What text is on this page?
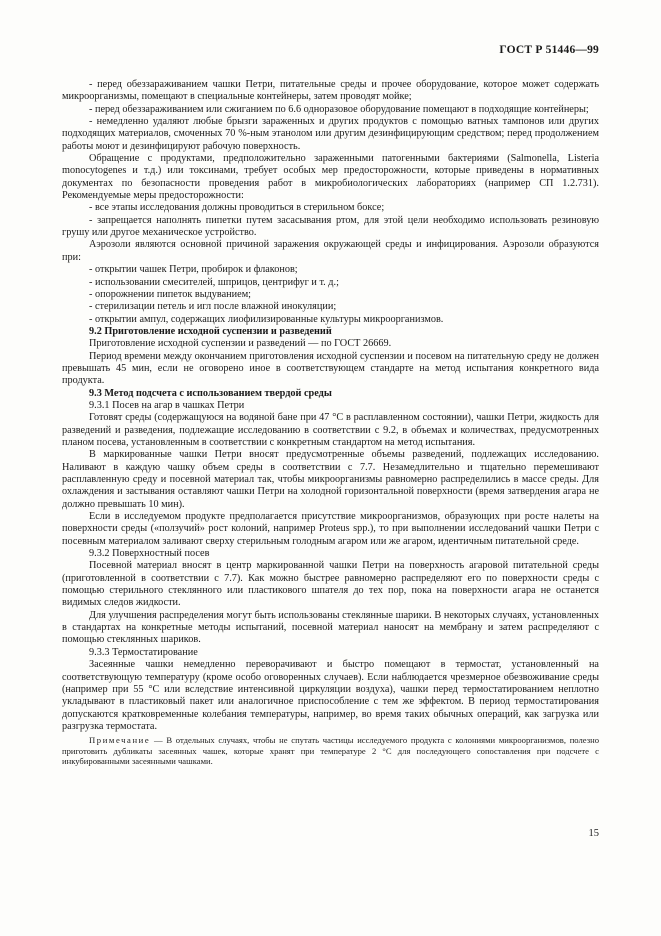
ГОСТ Р 51446—99

- перед обеззараживанием чашки Петри, питательные среды и прочее оборудование, которое может содержать микроорганизмы, помещают в специальные контейнеры, затем проводят мойке;

- перед обеззараживанием или сжиганием по 6.6 одноразовое оборудование помещают в подходящие контейнеры;

- немедленно удаляют любые брызги зараженных и других продуктов с помощью ватных тампонов или других подходящих материалов, смоченных 70 %-ным этанолом или другим дезинфицирующим средством; перед продолжением работы моют и дезинфицируют рабочую поверхность.

Обращение с продуктами, предположительно зараженными патогенными бактериями (Salmonella, Listeria monocytogenes и т.д.) или токсинами, требует особых мер предосторожности, которые приведены в нормативных документах по безопасности проведения работ в микробиологических лабораториях (например СП 1.2.731). Рекомендуемые меры предосторожности:

- все этапы исследования должны проводиться в стерильном боксе;

- запрещается наполнять пипетки путем засасывания ртом, для этой цели необходимо использовать резиновую грушу или другое механическое устройство.

Аэрозоли являются основной причиной заражения окружающей среды и инфицирования. Аэрозоли образуются при:

- открытии чашек Петри, пробирок и флаконов;

- использовании смесителей, шприцов, центрифуг и т. д.;

- опорожнении пипеток выдуванием;

- стерилизации петель и игл после влажной инокуляции;

- открытии ампул, содержащих лиофилизированные культуры микроорганизмов.

9.2 Приготовление исходной суспензии и разведений

Приготовление исходной суспензии и разведений — по ГОСТ 26669.

Период времени между окончанием приготовления исходной суспензии и посевом на питательную среду не должен превышать 45 мин, если не оговорено иное в соответствующем стандарте на метод испытания конкретного вида продукта.

9.3 Метод подсчета с использованием твердой среды

9.3.1 Посев на агар в чашках Петри

Готовят среды (содержащуюся на водяной бане при 47 °С в расплавленном состоянии), чашки Петри, жидкость для разведений и разведения, подлежащие исследованию в соответствии с 9.2, в объемах и количествах, предусмотренных планом посева, установленным в соответствии с конкретным стандартом на метод испытания.

В маркированные чашки Петри вносят предусмотренные объемы разведений, подлежащих исследованию. Наливают в каждую чашку объем среды в соответствии с 7.7. Незамедлительно и тщательно перемешивают расплавленную среду и посевной материал так, чтобы микроорганизмы равномерно распределились в массе среды. Для охлаждения и застывания оставляют чашки Петри на холодной горизонтальной поверхности (время затвердения агара не должно превышать 10 мин).

Если в исследуемом продукте предполагается присутствие микроорганизмов, образующих при росте налеты на поверхности среды («ползучий» рост колоний, например Proteus spp.), то при выполнении исследований чашки Петри с посевным материалом заливают сверху стерильным голодным агаром или же агаром, идентичным питательной среде.

9.3.2 Поверхностный посев

Посевной материал вносят в центр маркированной чашки Петри на поверхность агаровой питательной среды (приготовленной в соответствии с 7.7). Как можно быстрее равномерно распределяют его по поверхности среды с помощью стерильного стеклянного или пластикового шпателя до тех пор, пока на поверхности агара не останется видимых следов жидкости.

Для улучшения распределения могут быть использованы стеклянные шарики. В некоторых случаях, установленных в стандартах на конкретные методы испытаний, посевной материал наносят на мембрану и затем распределяют с помощью стеклянных шариков.

9.3.3 Термостатирование

Засеянные чашки немедленно переворачивают и быстро помещают в термостат, установленный на соответствующую температуру (кроме особо оговоренных случаев). Если наблюдается чрезмерное обезвоживание среды (например при 55 °С или вследствие интенсивной циркуляции воздуха), чашки перед термостатированием неплотно укладывают в пластиковый пакет или аналогичное приспособление с тем же эффектом. В период термостатирования допускаются кратковременные колебания температуры, например, во время таких обычных операций, как загрузка или разгрузка термостата.

Примечание — В отдельных случаях, чтобы не спутать частицы исследуемого продукта с колониями микроорганизмов, полезно приготовить дубликаты засеянных чашек, которые хранят при температуре 2 °С для последующего сопоставления при подсчете с инкубированными засеянными чашками.

15
